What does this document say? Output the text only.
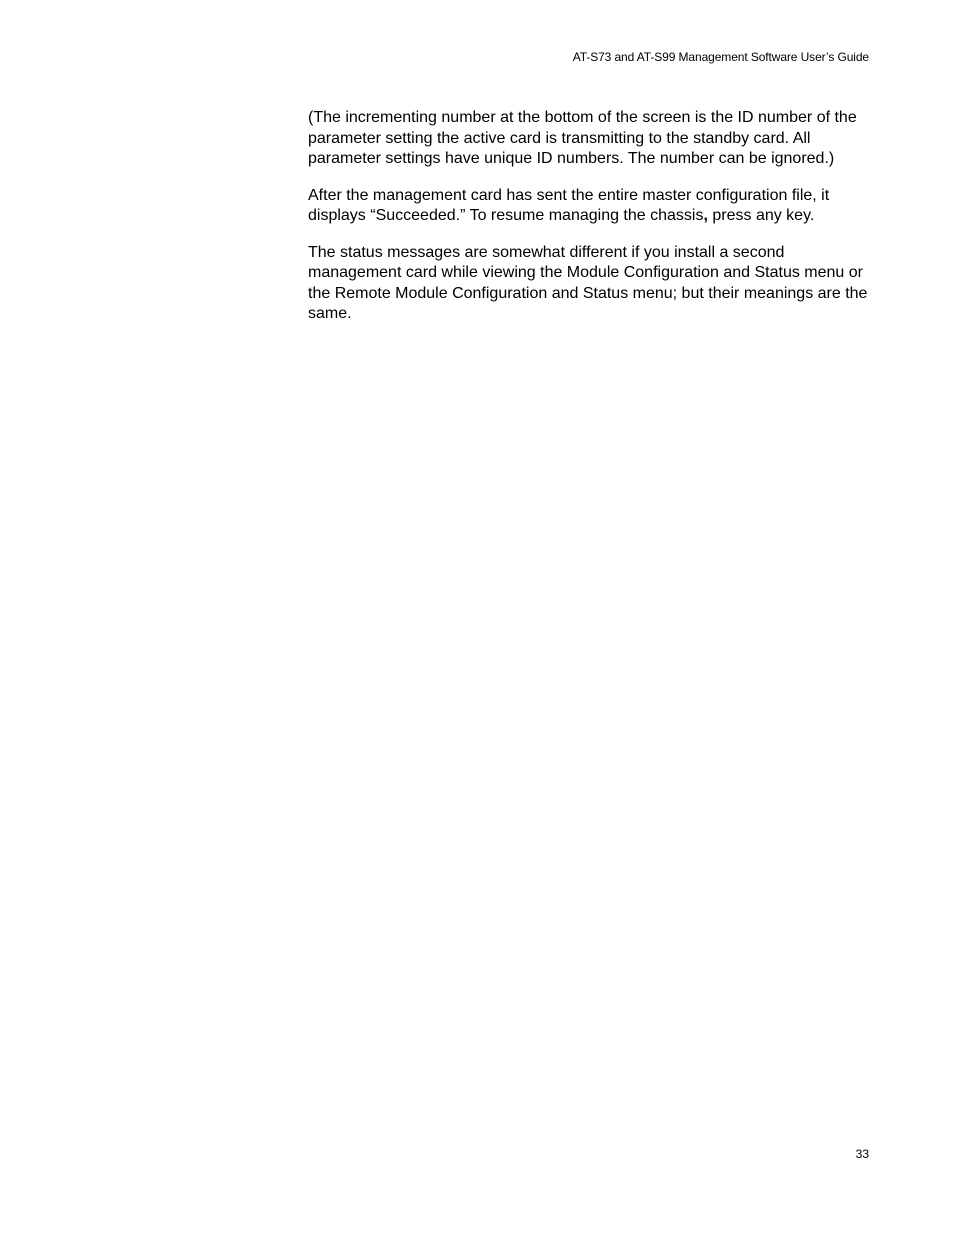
AT-S73 and AT-S99 Management Software User’s Guide

(The incrementing number at the bottom of the screen is the ID number of the parameter setting the active card is transmitting to the standby card. All parameter settings have unique ID numbers. The number can be ignored.)

After the management card has sent the entire master configuration file, it displays “Succeeded.” To resume managing the chassis, press any key.

The status messages are somewhat different if you install a second management card while viewing the Module Configuration and Status menu or the Remote Module Configuration and Status menu; but their meanings are the same.

33
